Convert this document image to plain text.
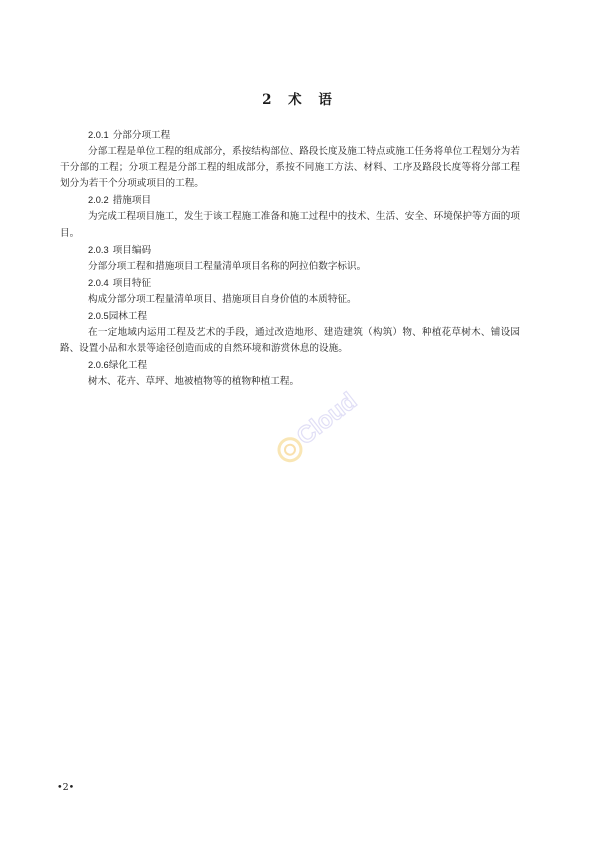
2 术 语
2.0.1 分部分项工程
分部工程是单位工程的组成部分，系按结构部位、路段长度及施工特点或施工任务将单位工程划分为若干分部的工程；分项工程是分部工程的组成部分，系按不同施工方法、材料、工序及路段长度等将分部工程划分为若干个分项或项目的工程。
2.0.2 措施项目
为完成工程项目施工，发生于该工程施工准备和施工过程中的技术、生活、安全、环境保护等方面的项目。
2.0.3 项目编码
分部分项工程和措施项目工程量清单项目名称的阿拉伯数字标识。
2.0.4 项目特征
构成分部分项工程量清单项目、措施项目自身价值的本质特征。
2.0.5园林工程
在一定地域内运用工程及艺术的手段，通过改造地形、建造建筑（构筑）物、种植花草树木、铺设园路、设置小品和水景等途径创造而成的自然环境和游赏休息的设施。
2.0.6绿化工程
树木、花卉、草坪、地被植物等的植物种植工程。
Cloud
•2•
